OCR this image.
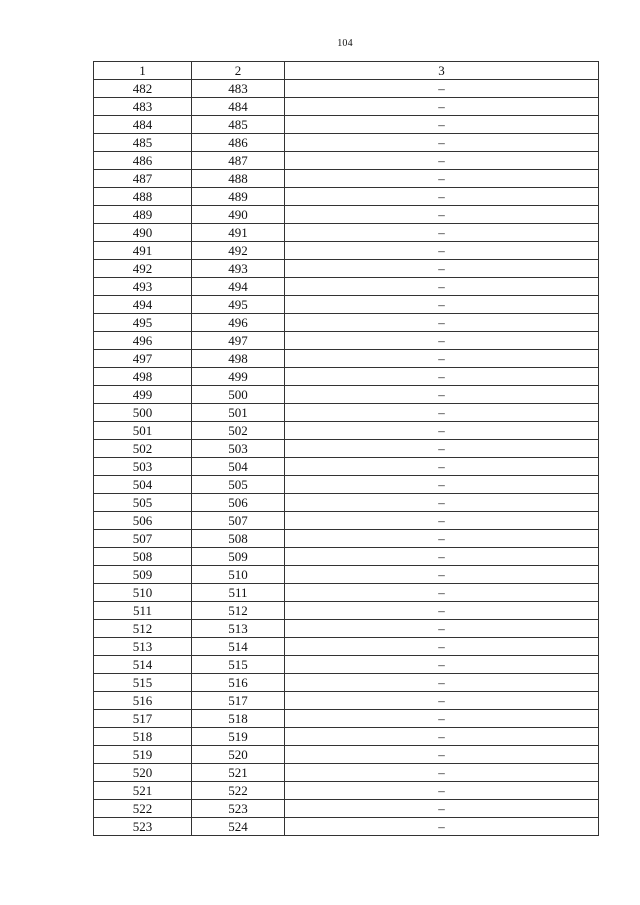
104
1	2	3
482	483	–
483	484	–
484	485	–
485	486	–
486	487	–
487	488	–
488	489	–
489	490	–
490	491	–
491	492	–
492	493	–
493	494	–
494	495	–
495	496	–
496	497	–
497	498	–
498	499	–
499	500	–
500	501	–
501	502	–
502	503	–
503	504	–
504	505	–
505	506	–
506	507	–
507	508	–
508	509	–
509	510	–
510	511	–
511	512	–
512	513	–
513	514	–
514	515	–
515	516	–
516	517	–
517	518	–
518	519	–
519	520	–
520	521	–
521	522	–
522	523	–
523	524	–
